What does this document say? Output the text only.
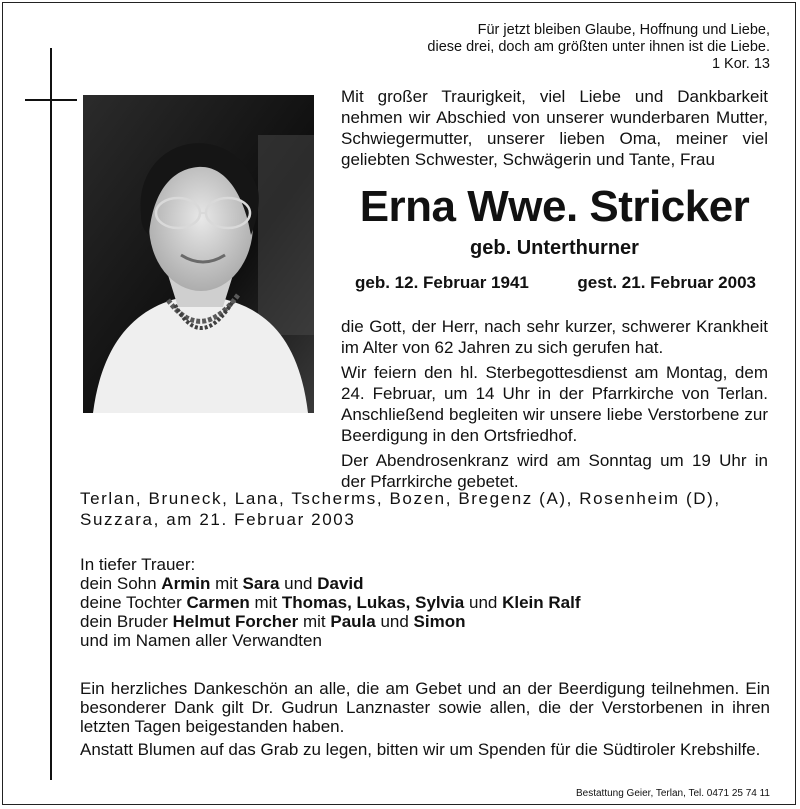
Für jetzt bleiben Glaube, Hoffnung und Liebe,
diese drei, doch am größten unter ihnen ist die Liebe.
1 Kor. 13
Mit großer Traurigkeit, viel Liebe und Dankbarkeit nehmen wir Abschied von unserer wunderbaren Mutter, Schwiegermutter, unserer lieben Oma, meiner viel geliebten Schwester, Schwägerin und Tante, Frau
Erna Wwe. Stricker
geb. Unterthurner
geb. 12. Februar 1941	gest. 21. Februar 2003

die Gott, der Herr, nach sehr kurzer, schwerer Krankheit im Alter von 62 Jahren zu sich gerufen hat.

Wir feiern den hl. Sterbegottesdienst am Montag, dem 24. Februar, um 14 Uhr in der Pfarrkirche von Terlan. Anschließend begleiten wir unsere liebe Verstorbene zur Beerdigung in den Ortsfriedhof.

Der Abendrosenkranz wird am Sonntag um 19 Uhr in der Pfarrkirche gebetet.

Terlan, Bruneck, Lana, Tscherms, Bozen, Bregenz (A), Rosenheim (D),
Suzzara, am 21. Februar 2003
In tiefer Trauer:
dein Sohn Armin mit Sara und David
deine Tochter Carmen mit Thomas, Lukas, Sylvia und Klein Ralf
dein Bruder Helmut Forcher mit Paula und Simon
und im Namen aller Verwandten

Ein herzliches Dankeschön an alle, die am Gebet und an der Beerdigung teilnehmen. Ein besonderer Dank gilt Dr. Gudrun Lanznaster sowie allen, die der Verstorbenen in ihren letzten Tagen beigestanden haben.

Anstatt Blumen auf das Grab zu legen, bitten wir um Spenden für die Südtiroler Krebshilfe.

Bestattung Geier, Terlan, Tel. 0471 25 74 11
